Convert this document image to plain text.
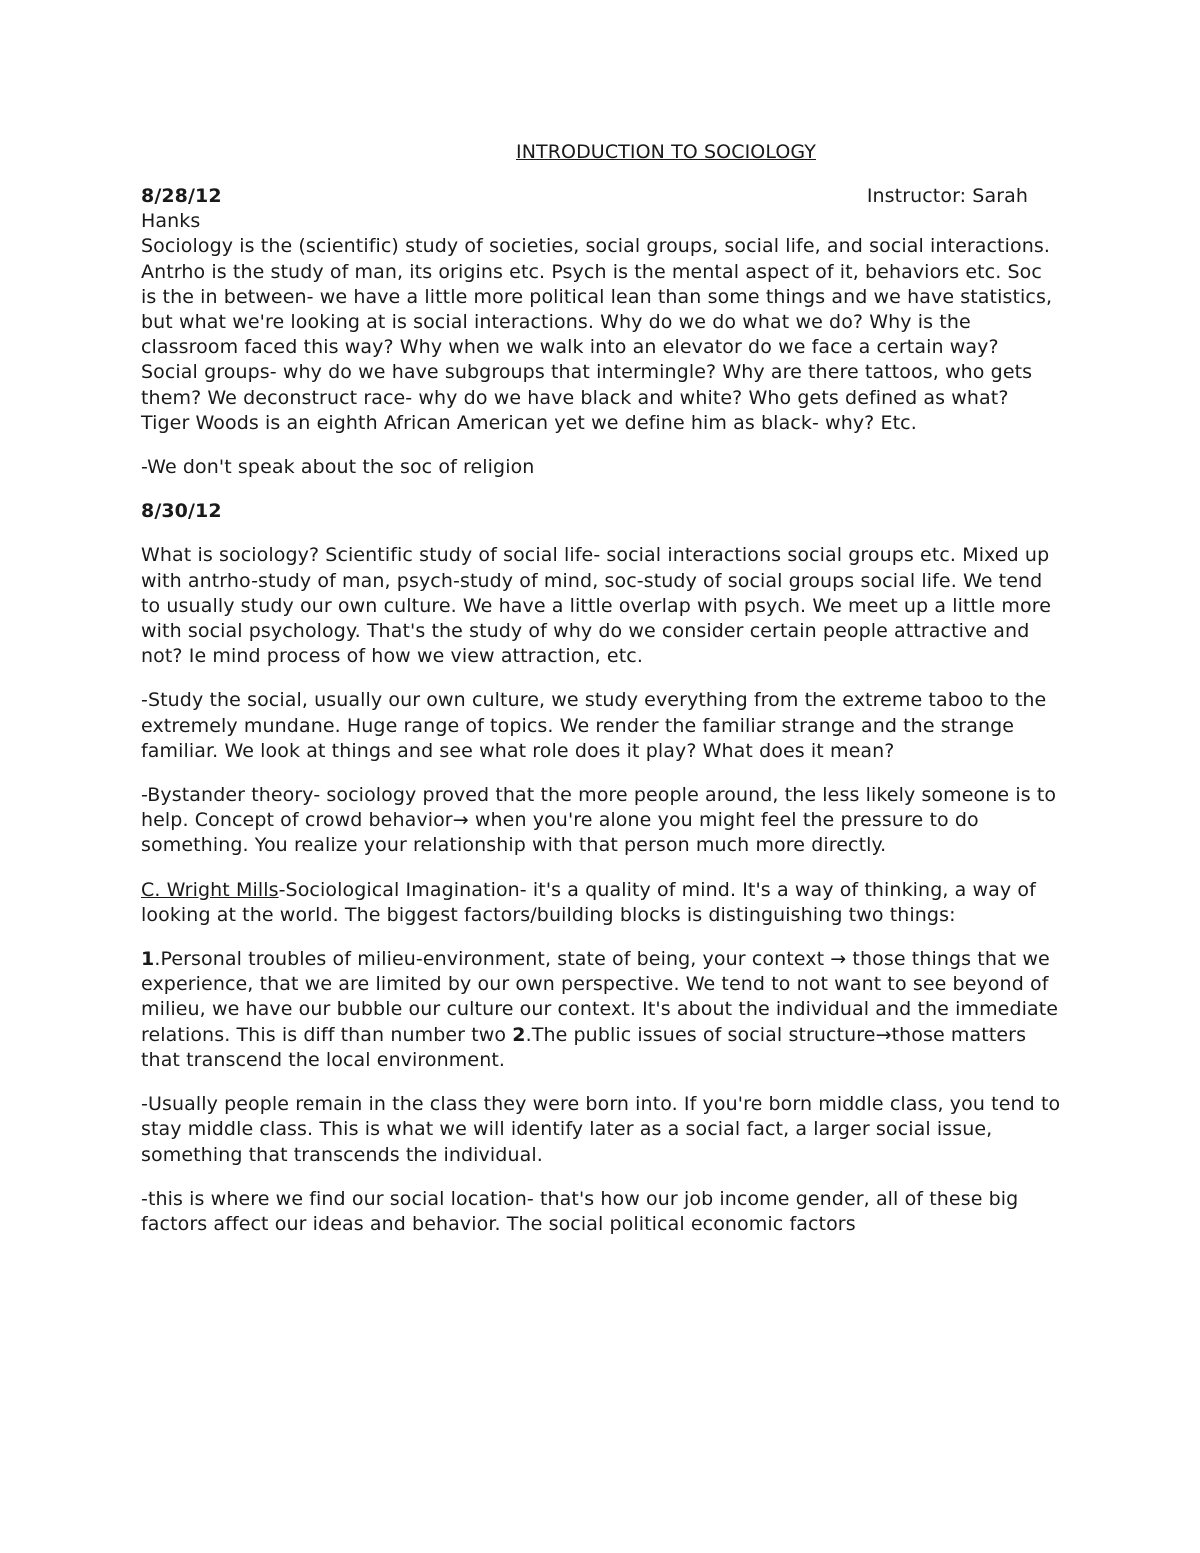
INTRODUCTION TO SOCIOLOGY
8/28/12	Instructor: Sarah
Hanks

Sociology is the (scientific) study of societies, social groups, social life, and social interactions. Antrho is the study of man, its origins etc. Psych is the mental aspect of it, behaviors etc. Soc is the in between- we have a little more political lean than some things and we have statistics, but what we're looking at is social interactions. Why do we do what we do? Why is the classroom faced this way? Why when we walk into an elevator do we face a certain way? Social groups- why do we have subgroups that intermingle? Why are there tattoos, who gets them? We deconstruct race- why do we have black and white? Who gets defined as what? Tiger Woods is an eighth African American yet we define him as black- why? Etc.

-We don't speak about the soc of religion

8/30/12

What is sociology? Scientific study of social life- social interactions social groups etc. Mixed up with antrho-study of man, psych-study of mind, soc-study of social groups social life. We tend to usually study our own culture. We have a little overlap with psych. We meet up a little more with social psychology. That's the study of why do we consider certain people attractive and not? Ie mind process of how we view attraction, etc.

-Study the social, usually our own culture, we study everything from the extreme taboo to the extremely mundane. Huge range of topics. We render the familiar strange and the strange familiar. We look at things and see what role does it play? What does it mean?

-Bystander theory- sociology proved that the more people around, the less likely someone is to help. Concept of crowd behavior→ when you're alone you might feel the pressure to do something. You realize your relationship with that person much more directly.

C. Wright Mills-Sociological Imagination- it's a quality of mind. It's a way of thinking, a way of looking at the world. The biggest factors/building blocks is distinguishing two things:

1.Personal troubles of milieu-environment, state of being, your context → those things that we experience, that we are limited by our own perspective. We tend to not want to see beyond of milieu, we have our bubble our culture our context. It's about the individual and the immediate relations. This is diff than number two 2.The public issues of social structure→those matters that transcend the local environment.

-Usually people remain in the class they were born into. If you're born middle class, you tend to stay middle class. This is what we will identify later as a social fact, a larger social issue, something that transcends the individual.

-this is where we find our social location- that's how our job income gender, all of these big factors affect our ideas and behavior. The social political economic factors
